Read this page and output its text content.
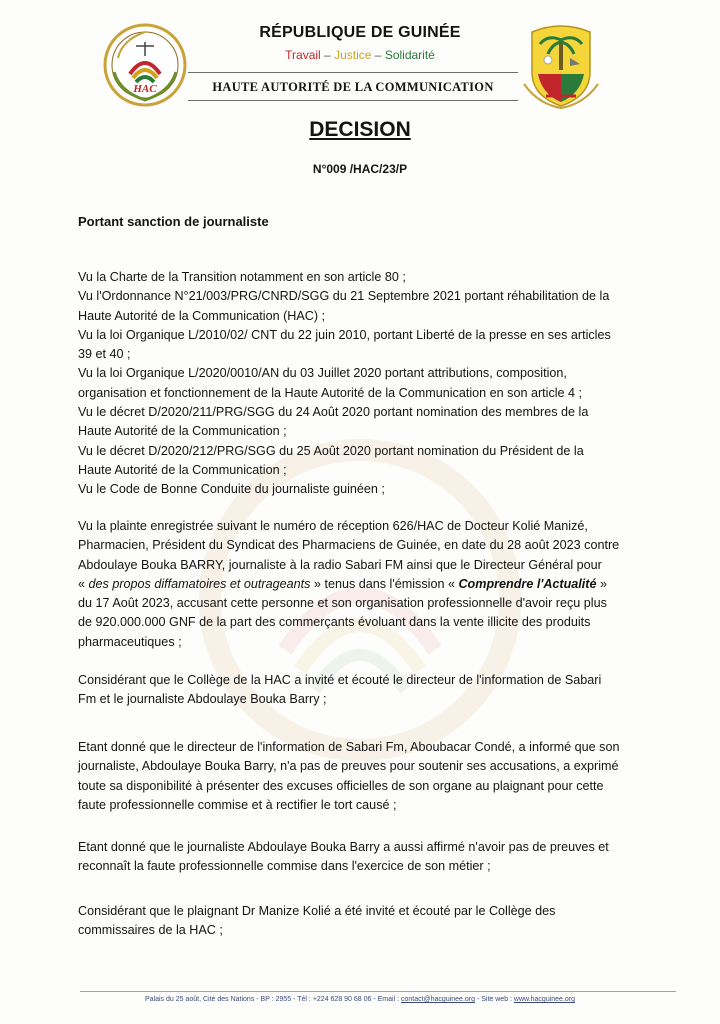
HAC
RÉPUBLIQUE DE GUINÉE
Travail – Justice – Solidarité
HAUTE AUTORITÉ DE LA COMMUNICATION
DECISION
N°009 /HAC/23/P
Portant sanction de journaliste
Vu la Charte de la Transition notamment en son article 80 ;
Vu l'Ordonnance N°21/003/PRG/CNRD/SGG du 21 Septembre 2021 portant réhabilitation de la
Haute Autorité de la Communication (HAC) ;
Vu la loi Organique L/2010/02/ CNT du 22 juin 2010, portant Liberté de la presse en ses articles
39 et 40 ;
Vu la loi Organique L/2020/0010/AN du 03 Juillet 2020 portant attributions, composition,
organisation et fonctionnement de la Haute Autorité de la Communication en son article 4 ;
Vu le décret D/2020/211/PRG/SGG du 24 Août 2020 portant nomination des membres de la
Haute Autorité de la Communication ;
Vu le décret D/2020/212/PRG/SGG du 25 Août 2020 portant nomination du Président de la
Haute Autorité de la Communication ;
Vu le Code de Bonne Conduite du journaliste guinéen ;
Vu la plainte enregistrée suivant le numéro de réception 626/HAC de Docteur Kolié Manizé,
Pharmacien, Président du Syndicat des Pharmaciens de Guinée, en date du 28 août 2023 contre
Abdoulaye Bouka BARRY, journaliste à la radio Sabari FM ainsi que le Directeur Général pour
« des propos diffamatoires et outrageants » tenus dans l'émission « Comprendre l'Actualité »
du 17 Août 2023, accusant cette personne et son organisation professionnelle d'avoir reçu plus
de 920.000.000 GNF de la part des commerçants évoluant dans la vente illicite des produits
pharmaceutiques ;
Considérant que le Collège de la HAC a invité et écouté le directeur de l'information de Sabari
Fm et le journaliste Abdoulaye Bouka Barry ;
Etant donné que le directeur de l'information de Sabari Fm, Aboubacar Condé, a informé que son
journaliste, Abdoulaye Bouka Barry, n'a pas de preuves pour soutenir ses accusations, a exprimé
toute sa disponibilité à présenter des excuses officielles de son organe au plaignant pour cette
faute professionnelle commise et à rectifier le tort causé ;
Etant donné que le journaliste Abdoulaye Bouka Barry a aussi affirmé n'avoir pas de preuves et
reconnaît la faute professionnelle commise dans l'exercice de son métier ;
Considérant que le plaignant Dr Manize Kolié a été invité et écouté par le Collège des
commissaires de la HAC ;
Palais du 25 août, Cité des Nations - BP : 2955 - Tél : +224 628 90 68 06 - Email : contact@hacguinee.org - Site web : www.hacguinee.org
